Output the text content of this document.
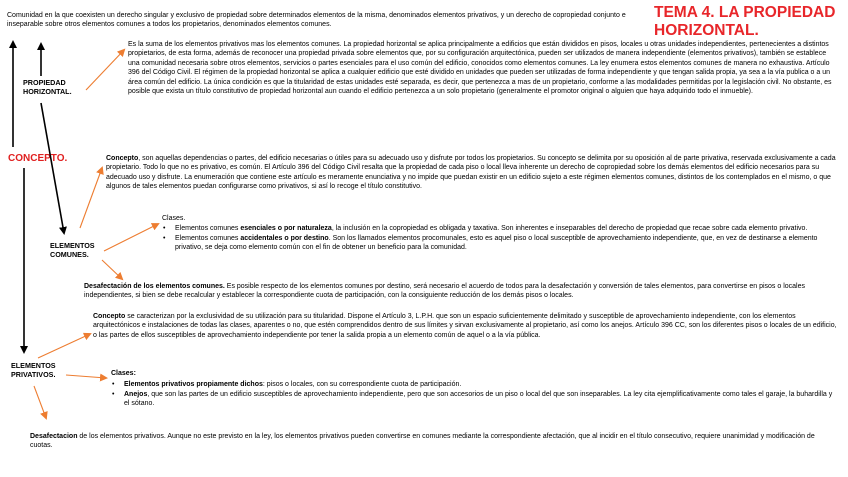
TEMA 4. LA PROPIEDAD HORIZONTAL.
Comunidad en la que coexisten un derecho singular y exclusivo de propiedad sobre determinados elementos de la misma, denominados elementos privativos, y un derecho de copropiedad conjunto e inseparable sobre otros elementos comunes a todos los propietarios, denominados elementos comunes.
CONCEPTO.
PROPIEDAD HORIZONTAL.
ELEMENTOS COMUNES.
ELEMENTOS PRIVATIVOS.
Es la suma de los elementos privativos mas los elementos comunes. La propiedad horizontal se aplica principalmente a edificios que están divididos en pisos, locales u otras unidades independientes, pertenecientes a distintos propietarios, de esta forma, además de reconocer una propiedad privada sobre elementos que, por su configuración arquitectónica, pueden ser utilizados de manera independiente (elementos privativos), también se establece una comunidad necesaria sobre otros elementos, servicios o partes esenciales para el uso común del edificio, conocidos como elementos comunes. La ley enumera estos elementos comunes de manera no exhaustiva. Artículo 396 del Código Civil. El régimen de la propiedad horizontal se aplica a cualquier edificio que esté dividido en unidades que pueden ser utilizadas de forma independiente y que tengan salida propia, ya sea a la vía publica o a un área común del edificio. La única condición es que la titularidad de estas unidades esté separada, es decir, que pertenezca a mas de un propietario, conforme a las modalidades permitidas por la legislación civil. No obstante, es posible que exista un título constitutivo de propiedad horizontal aun cuando el edificio pertenezca a un solo propietario (generalmente el promotor original o alguien que haya adquirido todo el inmueble).
Concepto, son aquellas dependencias o partes, del edificio necesarias o útiles para su adecuado uso y disfrute por todos los propietarios. Su concepto se delimita por su oposición al de parte privativa, reservada exclusivamente a cada propietario. Todo lo que no es privativo, es común. El Artículo 396 del Código Civil resalta que la propiedad de cada piso o local lleva inherente un derecho de copropiedad sobre los demás elementos del edificio necesarios para su adecuado uso y disfrute. La enumeración que contiene este artículo es meramente enunciativa y no impide que puedan existir en un edificio sujeto a este régimen elementos comunes, distintos de los contemplados en el mismo, o que algunos de tales elementos puedan configurarse como privativos, si así lo recoge el título constitutivo.
Clases.
• Elementos comunes esenciales o por naturaleza, la inclusión en la copropiedad es obligada y taxativa. Son inherentes e inseparables del derecho de propiedad que recae sobre cada elemento privativo.
• Elementos comunes accidentales o por destino. Son los llamados elementos procomunales, esto es aquel piso o local susceptible de aprovechamiento independiente, que, en vez de destinarse a elemento privativo, se deja como elemento común con el fin de obtener un beneficio para la comunidad.
Desafectación de los elementos comunes. Es posible respecto de los elementos comunes por destino, será necesario el acuerdo de todos para la desafectación y conversión de tales elementos, para convertirse en pisos o locales independientes, si bien se debe recalcular y establecer la correspondiente cuota de participación, con la consiguiente reducción de los demás pisos o locales.
Concepto se caracterizan por la exclusividad de su utilización para su titularidad. Dispone el Artículo 3, L.P.H. que son un espacio suficientemente delimitado y susceptible de aprovechamiento independiente, con los elementos arquitectónicos e instalaciones de todas las clases, aparentes o no, que estén comprendidos dentro de sus límites y sirvan exclusivamente al propietario, así como los anejos. Artículo 396 CC, son los diferentes pisos o locales de un edificio, o las partes de ellos susceptibles de aprovechamiento independiente por tener la salida propia a un elemento común de aquel o a la vía pública.
Clases:
• Elementos privativos propiamente dichos: pisos o locales, con su correspondiente cuota de participación.
• Anejos, que son las partes de un edificio susceptibles de aprovechamiento independiente, pero que son accesorios de un piso o local del que son inseparables. La ley cita ejemplificativamente como tales el garaje, la buhardilla y el sótano.
Desafectacion de los elementos privativos. Aunque no este previsto en la ley, los elementos privativos pueden convertirse en comunes mediante la correspondiente afectación, que al incidir en el título consecutivo, requiere unanimidad y modificación de cuotas.
